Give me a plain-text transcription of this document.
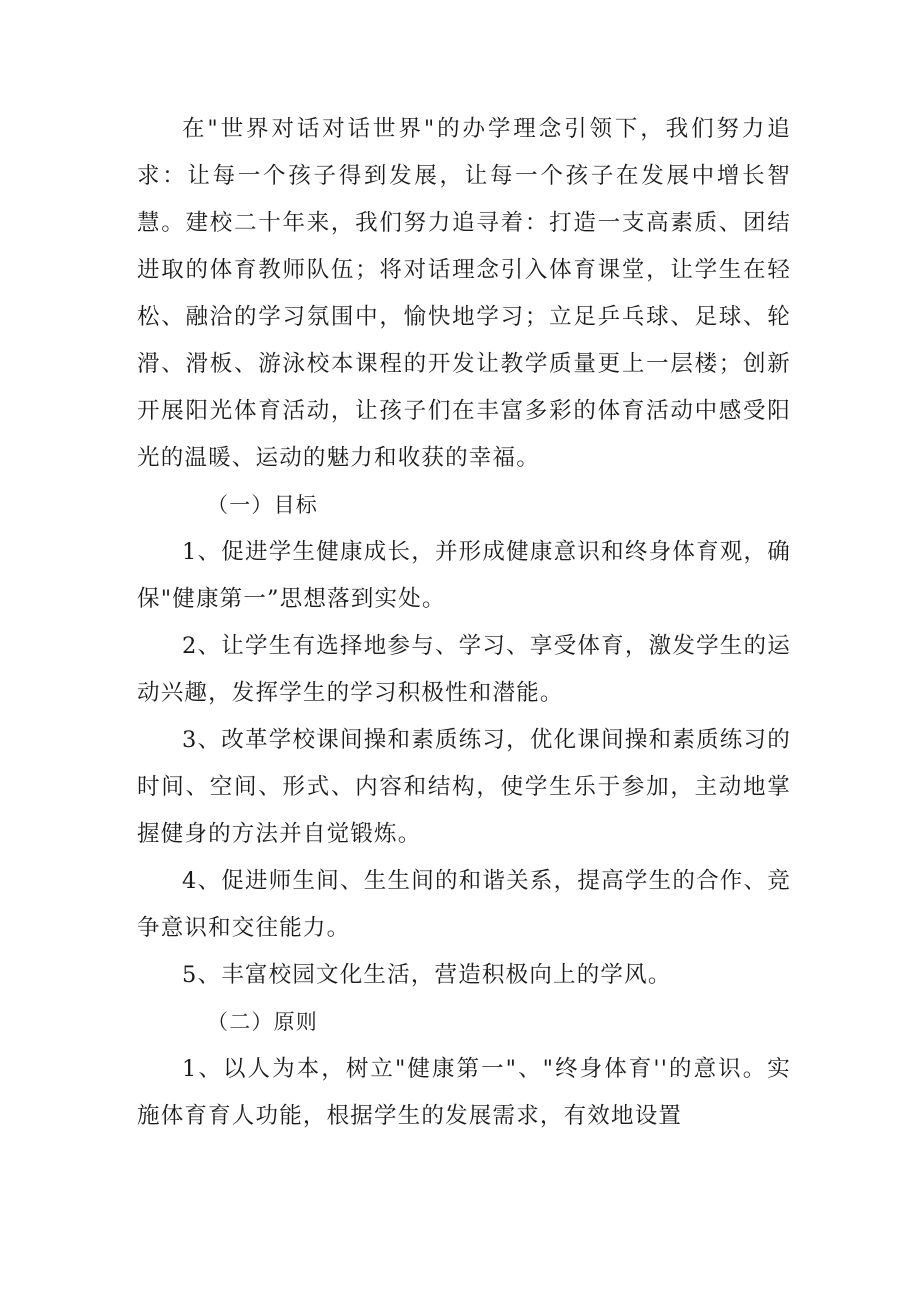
在"世界对话对话世界"的办学理念引领下，我们努力追求：让每一个孩子得到发展，让每一个孩子在发展中增长智慧。建校二十年来，我们努力追寻着：打造一支高素质、团结进取的体育教师队伍；将对话理念引入体育课堂，让学生在轻松、融洽的学习氛围中，愉快地学习；立足乒乓球、足球、轮滑、滑板、游泳校本课程的开发让教学质量更上一层楼；创新开展阳光体育活动，让孩子们在丰富多彩的体育活动中感受阳光的温暖、运动的魅力和收获的幸福。

（一）目标

1、促进学生健康成长，并形成健康意识和终身体育观，确保"健康第一”思想落到实处。

2、让学生有选择地参与、学习、享受体育，激发学生的运动兴趣，发挥学生的学习积极性和潜能。

3、改革学校课间操和素质练习，优化课间操和素质练习的时间、空间、形式、内容和结构，使学生乐于参加，主动地掌握健身的方法并自觉锻炼。

4、促进师生间、生生间的和谐关系，提高学生的合作、竞争意识和交往能力。

5、丰富校园文化生活，营造积极向上的学风。

（二）原则

1、以人为本，树立"健康第一"、"终身体育''的意识。实施体育育人功能，根据学生的发展需求，有效地设置
